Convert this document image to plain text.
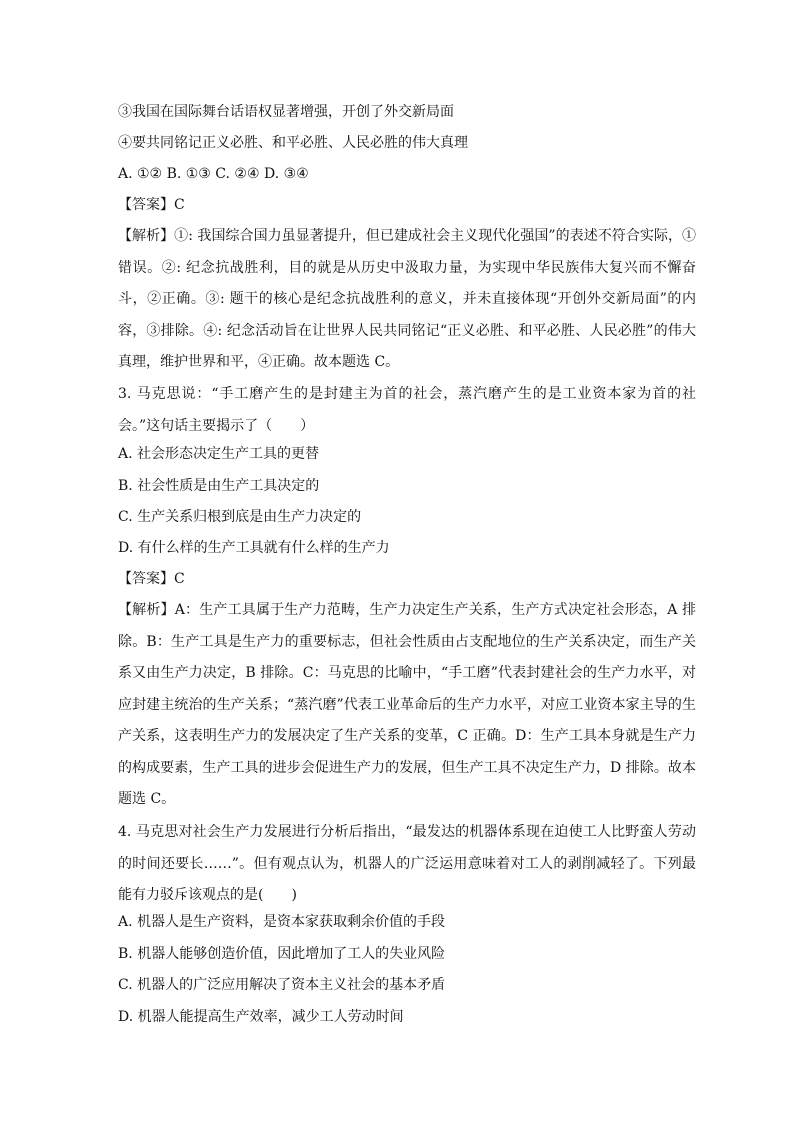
③我国在国际舞台话语权显著增强，开创了外交新局面
④要共同铭记正义必胜、和平必胜、人民必胜的伟大真理
A. ①② B. ①③ C. ②④ D. ③④
【答案】C
【解析】①: 我国综合国力虽显著提升，但已建成社会主义现代化强国”的表述不符合实际，①错误。②: 纪念抗战胜利，目的就是从历史中汲取力量，为实现中华民族伟大复兴而不懈奋斗，②正确。③: 题干的核心是纪念抗战胜利的意义，并未直接体现“开创外交新局面”的内容，③排除。④: 纪念活动旨在让世界人民共同铭记“正义必胜、和平必胜、人民必胜”的伟大真理，维护世界和平，④正确。故本题选 C。
3. 马克思说：“手工磨产生的是封建主为首的社会，蒸汽磨产生的是工业资本家为首的社会。”这句话主要揭示了（　　）
A. 社会形态决定生产工具的更替
B. 社会性质是由生产工具决定的
C. 生产关系归根到底是由生产力决定的
D. 有什么样的生产工具就有什么样的生产力
【答案】C
【解析】A：生产工具属于生产力范畴，生产力决定生产关系，生产方式决定社会形态，A 排除。B：生产工具是生产力的重要标志，但社会性质由占支配地位的生产关系决定，而生产关系又由生产力决定，B 排除。C：马克思的比喻中，“手工磨”代表封建社会的生产力水平，对应封建主统治的生产关系；“蒸汽磨”代表工业革命后的生产力水平，对应工业资本家主导的生产关系，这表明生产力的发展决定了生产关系的变革，C 正确。D：生产工具本身就是生产力的构成要素，生产工具的进步会促进生产力的发展，但生产工具不决定生产力，D 排除。故本题选 C。
4. 马克思对社会生产力发展进行分析后指出，“最发达的机器体系现在迫使工人比野蛮人劳动的时间还要长……”。但有观点认为，机器人的广泛运用意味着对工人的剥削减轻了。下列最能有力驳斥该观点的是(　　)
A. 机器人是生产资料，是资本家获取剩余价值的手段
B. 机器人能够创造价值，因此增加了工人的失业风险
C. 机器人的广泛应用解决了资本主义社会的基本矛盾
D. 机器人能提高生产效率，减少工人劳动时间
